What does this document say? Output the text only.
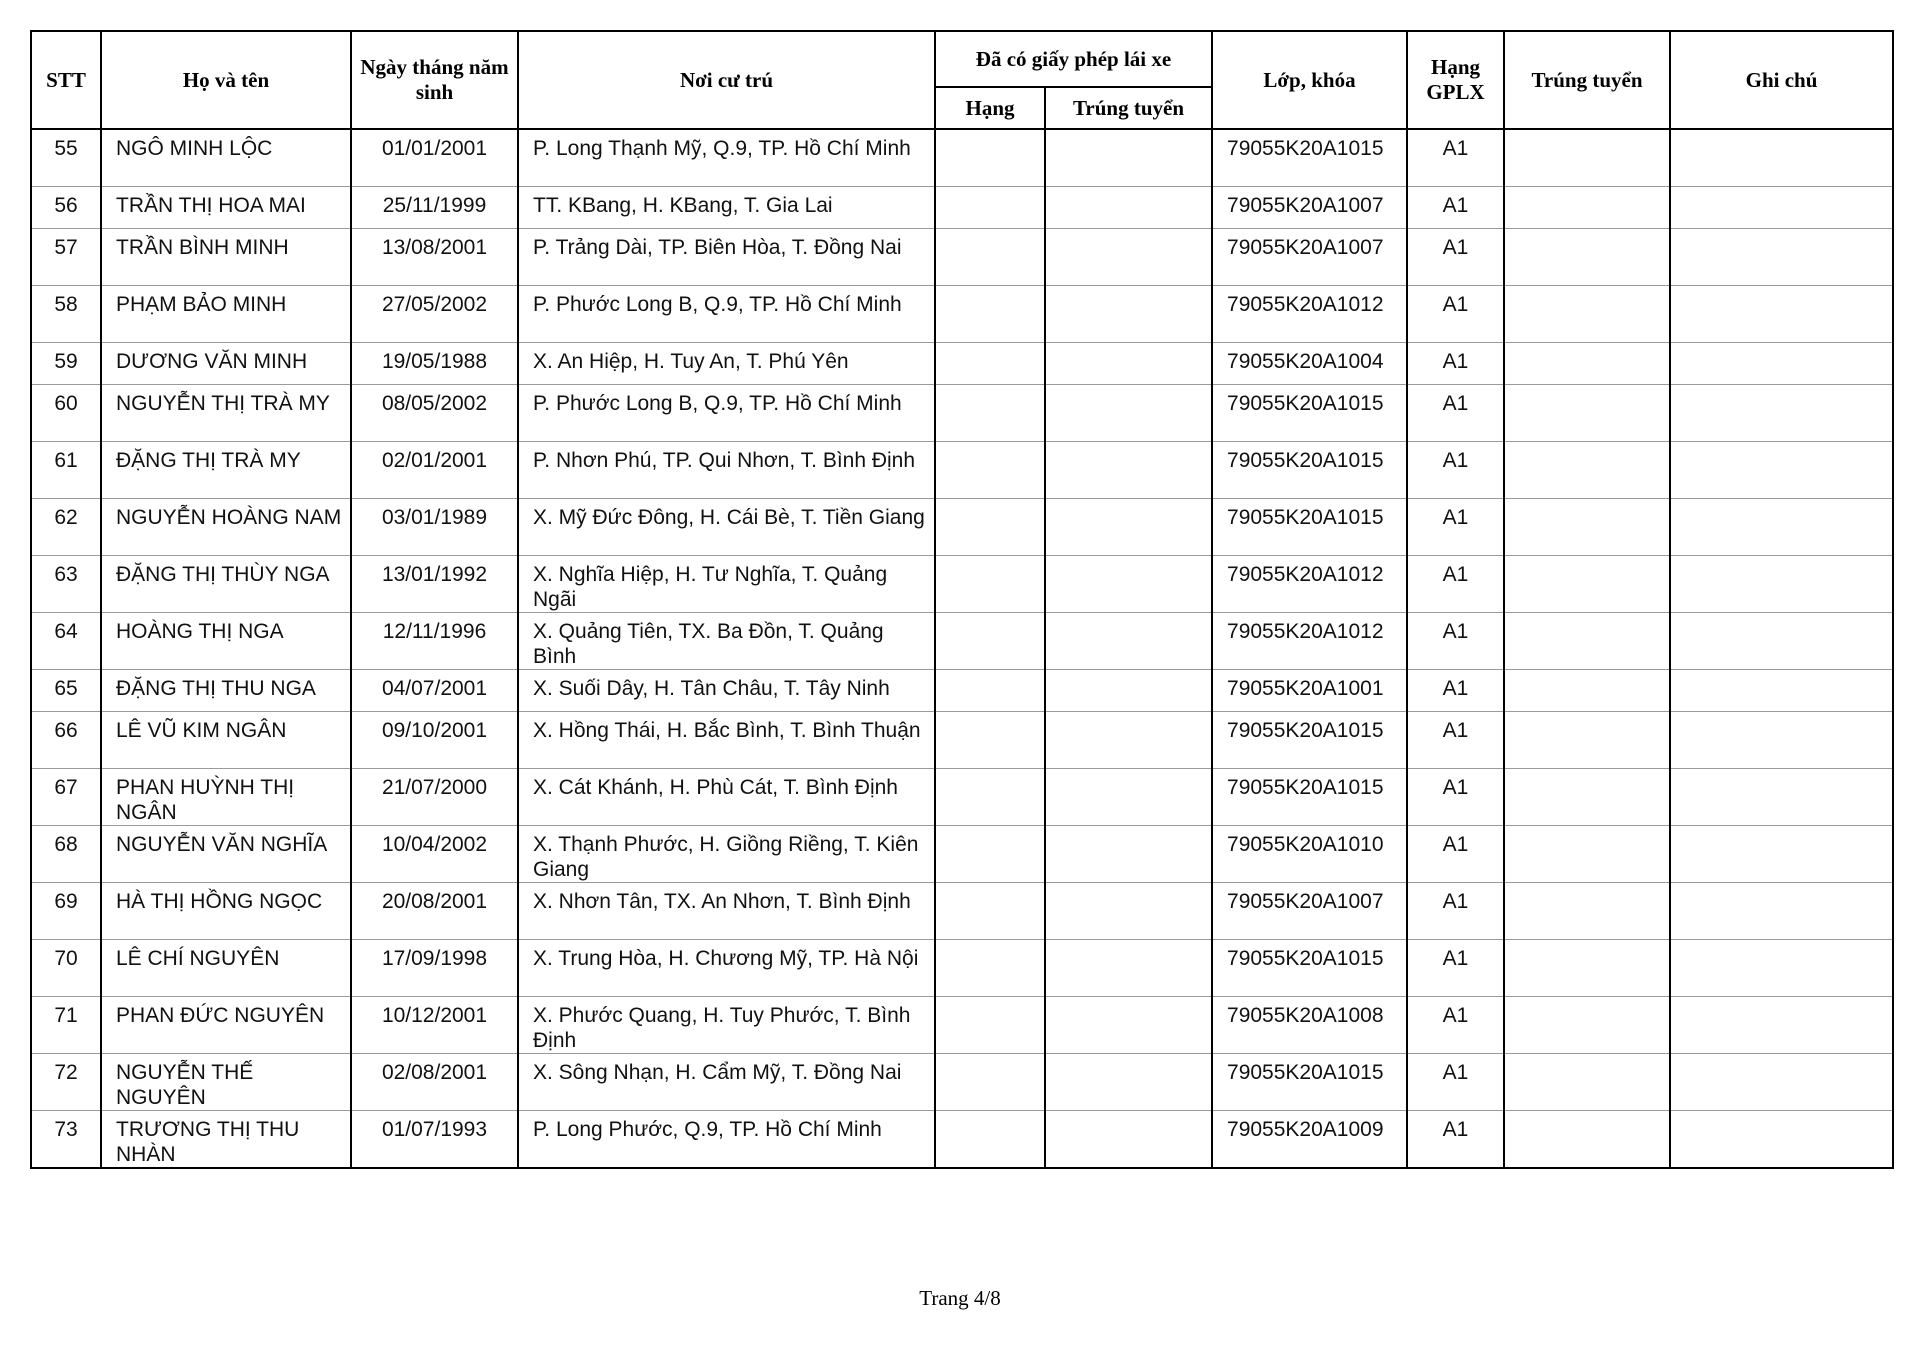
STT	Họ và tên	Ngày tháng năm sinh	Nơi cư trú	Đã có giấy phép lái xe		Lớp, khóa	Hạng GPLX	Trúng tuyển	Ghi chú
				Hạng	Trúng tuyển				
55	NGÔ MINH LỘC	01/01/2001	P. Long Thạnh Mỹ, Q.9, TP. Hồ Chí Minh			79055K20A1015	A1		
56	TRẦN THỊ HOA MAI	25/11/1999	TT. KBang, H. KBang, T. Gia Lai			79055K20A1007	A1		
57	TRẦN BÌNH MINH	13/08/2001	P. Trảng Dài, TP. Biên Hòa, T. Đồng Nai			79055K20A1007	A1		
58	PHẠM BẢO MINH	27/05/2002	P. Phước Long B, Q.9, TP. Hồ Chí Minh			79055K20A1012	A1		
59	DƯƠNG VĂN MINH	19/05/1988	X. An Hiệp, H. Tuy An, T. Phú Yên			79055K20A1004	A1		
60	NGUYỄN THỊ TRÀ MY	08/05/2002	P. Phước Long B, Q.9, TP. Hồ Chí Minh			79055K20A1015	A1		
61	ĐẶNG THỊ TRÀ MY	02/01/2001	P. Nhơn Phú, TP. Qui Nhơn, T. Bình Định			79055K20A1015	A1		
62	NGUYỄN HOÀNG NAM	03/01/1989	X. Mỹ Đức Đông, H. Cái Bè, T. Tiền Giang			79055K20A1015	A1		
63	ĐẶNG THỊ THÙY NGA	13/01/1992	X. Nghĩa Hiệp, H. Tư Nghĩa, T. Quảng Ngãi			79055K20A1012	A1		
64	HOÀNG THỊ NGA	12/11/1996	X. Quảng Tiên, TX. Ba Đồn, T. Quảng Bình			79055K20A1012	A1		
65	ĐẶNG THỊ THU NGA	04/07/2001	X. Suối Dây, H. Tân Châu, T. Tây Ninh			79055K20A1001	A1		
66	LÊ VŨ KIM NGÂN	09/10/2001	X. Hồng Thái, H. Bắc Bình, T. Bình Thuận			79055K20A1015	A1		
67	PHAN HUỲNH THỊ NGÂN	21/07/2000	X. Cát Khánh, H. Phù Cát, T. Bình Định			79055K20A1015	A1		
68	NGUYỄN VĂN NGHĨA	10/04/2002	X. Thạnh Phước, H. Giồng Riềng, T. Kiên Giang			79055K20A1010	A1		
69	HÀ THỊ HỒNG NGỌC	20/08/2001	X. Nhơn Tân, TX. An Nhơn, T. Bình Định			79055K20A1007	A1		
70	LÊ CHÍ NGUYÊN	17/09/1998	X. Trung Hòa, H. Chương Mỹ, TP. Hà Nội			79055K20A1015	A1		
71	PHAN ĐỨC NGUYÊN	10/12/2001	X. Phước Quang, H. Tuy Phước, T. Bình Định			79055K20A1008	A1		
72	NGUYỄN THẾ NGUYÊN	02/08/2001	X. Sông Nhạn, H. Cẩm Mỹ, T. Đồng Nai			79055K20A1015	A1		
73	TRƯƠNG THỊ THU NHÀN	01/07/1993	P. Long Phước, Q.9, TP. Hồ Chí Minh			79055K20A1009	A1		
Trang 4/8
